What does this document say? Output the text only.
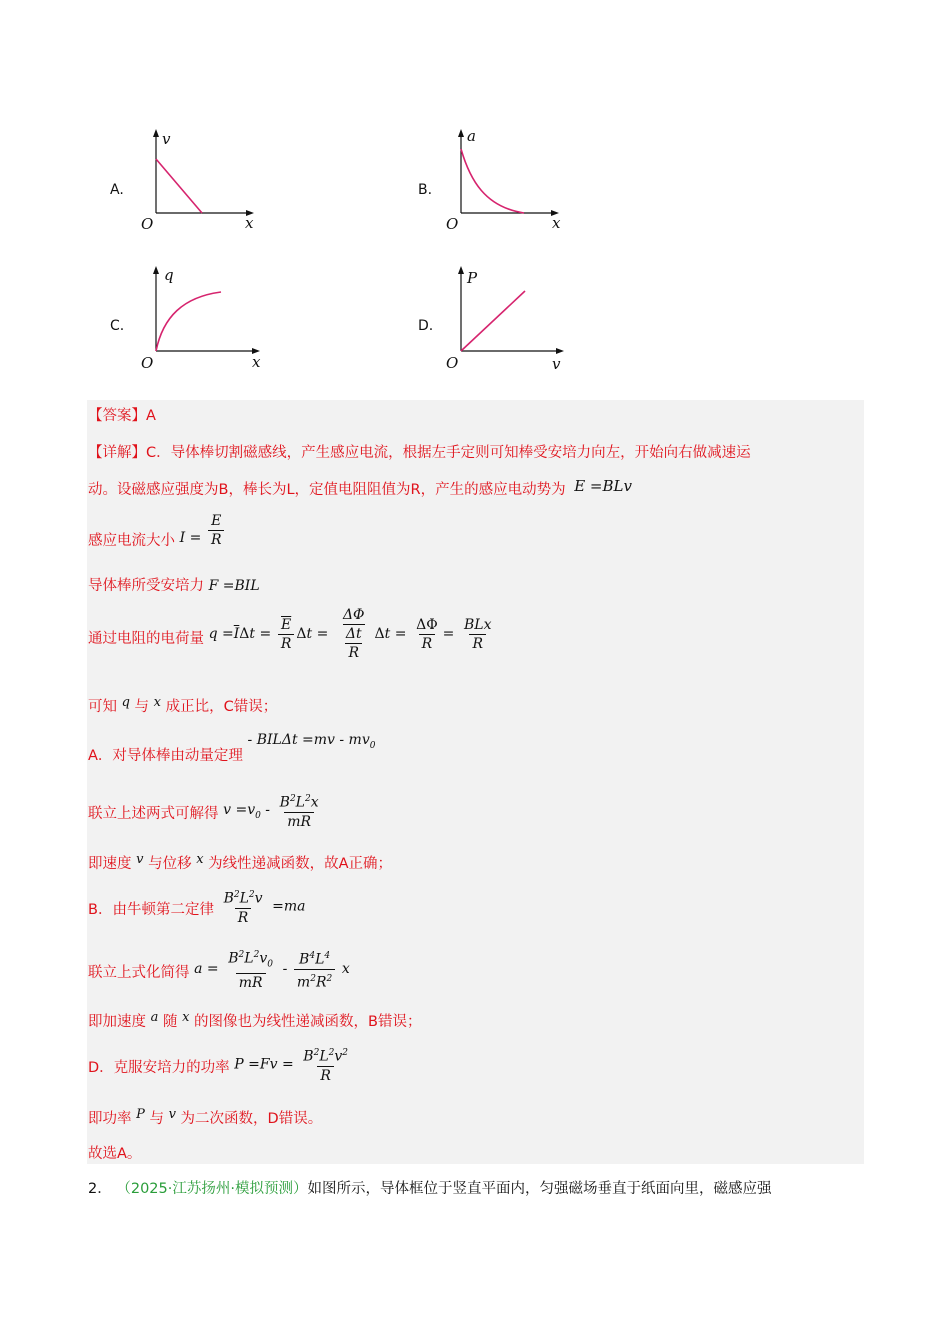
A.
v
x
O
B.
a
x
O
C.
q
x
O
D.
P
v
O
【答案】A
【详解】C．导体棒切割磁感线，产生感应电流，根据左手定则可知棒受安培力向左，开始向右做减速运
动。设磁感应强度为B，棒长为L，定值电阻阻值为R，产生的感应电动势为 E =BLv
感应电流大小 $I = \frac{E}{R}$
导体棒所受安培力 F =BIL
通过电阻的电荷量 $q =\overline{I}\Delta t = \frac{\overline{E}}{R}$ $\Delta t = \frac{\frac{\Delta\Phi}{\Delta t}}{R}$ $\Delta t = \frac{\Delta\Phi}{R} = \frac{\text{BLx}}{R}$
可知 q 与 x 成正比，C错误；
A．对导体棒由动量定理 - $BIL\Delta t =mv - mv_0$
联立上述两式可解得 $v =v_0 - \frac{B^2L^2x}{mR}$
即速度 v 与位移 x 为线性递减函数，故A正确；
B．由牛顿第二定律 $\frac{B^2L^2v}{R} =ma$
联立上式化简得 $a = \frac{B^2L^2v_0}{mR} - \frac{B^4L^4}{m^2R^2}$ x
即加速度 a 随 x 的图像也为线性递减函数，B错误；
D．克服安培力的功率 $P =Fv = \frac{B^2L^2v^2}{R}$
即功率 P 与 v 为二次函数，D错误。
故选A。
2． （2025·江苏扬州·模拟预测）如图所示，导体框位于竖直平面内，匀强磁场垂直于纸面向里，磁感应强
